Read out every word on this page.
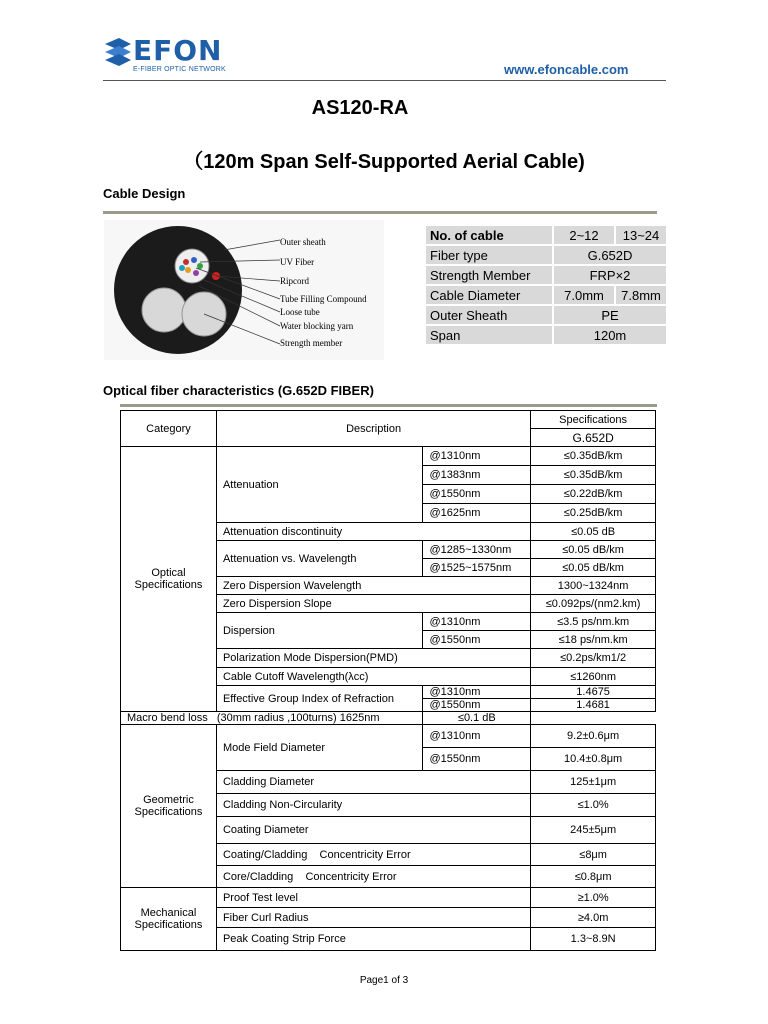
EFON
E-FIBER OPTIC NETWORK	www.efoncable.com
AS120-RA
（120m Span Self-Supported Aerial Cable)
Cable Design
Outer sheath
UV Fiber
Ripcord
Tube Filling Compound
Loose tube
Water blocking yarn
Strength member
No. of cable	2~12	13~24
Fiber type	G.652D	
Strength Member	FRP×2	
Cable Diameter	7.0mm	7.8mm
Outer Sheath	PE	
Span	120m	
Optical fiber characteristics (G.652D FIBER)
Category	Description		Specifications
			G.652D
Optical Specifications	Attenuation	@1310nm	≤0.35dB/km
		@1383nm	≤0.35dB/km
		@1550nm	≤0.22dB/km
		@1625nm	≤0.25dB/km
	Attenuation discontinuity		≤0.05 dB
	Attenuation vs. Wavelength	@1285~1330nm	≤0.05 dB/km
		@1525~1575nm	≤0.05 dB/km
	Zero Dispersion Wavelength		1300~1324nm
	Zero Dispersion Slope		≤0.092ps/(nm2.km)
	Dispersion	@1310nm	≤3.5 ps/nm.km
		@1550nm	≤18 ps/nm.km
	Polarization Mode Dispersion(PMD)		≤0.2ps/km1/2
	Cable Cutoff Wavelength(λcc)		≤1260nm
	Effective Group Index of Refraction	@1310nm	1.4675
		@1550nm	1.4681
Macro bend loss   (30mm radius ,100turns) 1625nm		≤0.1 dB	
Geometric Specifications	Mode Field Diameter	@1310nm	9.2±0.6μm
		@1550nm	10.4±0.8μm
	Cladding Diameter		125±1μm
	Cladding Non-Circularity		≤1.0%
	Coating Diameter		245±5μm
	Coating/Cladding    Concentricity Error		≤8μm
	Core/Cladding    Concentricity Error		≤0.8μm
Mechanical Specifications	Proof Test level		≥1.0%
	Fiber Curl Radius		≥4.0m
	Peak Coating Strip Force		1.3~8.9N
Page1 of 3
